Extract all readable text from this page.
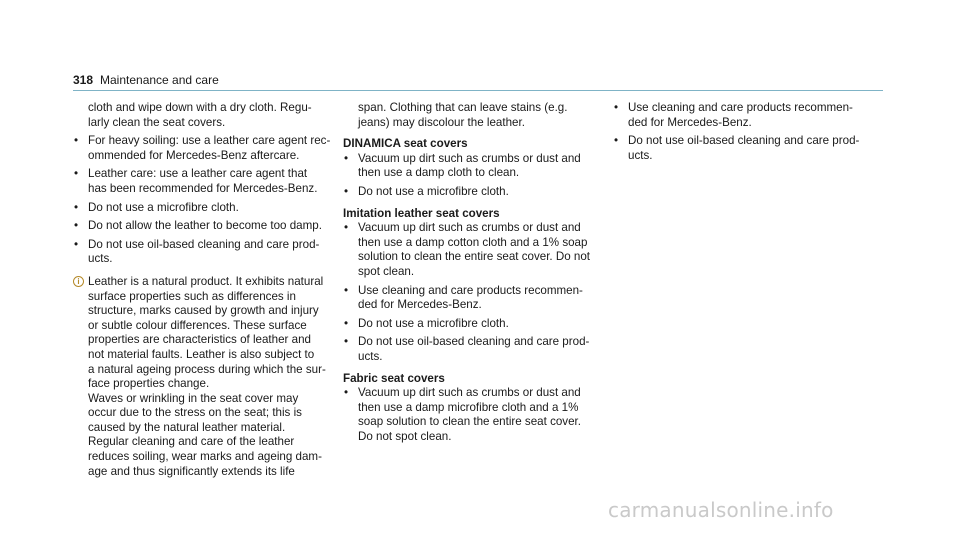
318 Maintenance and care

cloth and wipe down with a dry cloth. Regu-
larly clean the seat covers.

• For heavy soiling: use a leather care agent rec-
ommended for Mercedes-Benz aftercare.
• Leather care: use a leather care agent that
has been recommended for Mercedes-Benz.
• Do not use a microfibre cloth.
• Do not allow the leather to become too damp.
• Do not use oil-based cleaning and care prod-
ucts.
i Leather is a natural product. It exhibits natural
surface properties such as differences in
structure, marks caused by growth and injury
or subtle colour differences. These surface
properties are characteristics of leather and
not material faults. Leather is also subject to
a natural ageing process during which the sur-
face properties change.
Waves or wrinkling in the seat cover may
occur due to the stress on the seat; this is
caused by the natural leather material.
Regular cleaning and care of the leather
reduces soiling, wear marks and ageing dam-
age and thus significantly extends its life

span. Clothing that can leave stains (e.g.
jeans) may discolour the leather.

DINAMICA seat covers

• Vacuum up dirt such as crumbs or dust and
then use a damp cloth to clean.
• Do not use a microfibre cloth.

Imitation leather seat covers

• Vacuum up dirt such as crumbs or dust and
then use a damp cotton cloth and a 1% soap
solution to clean the entire seat cover. Do not
spot clean.
• Use cleaning and care products recommen-
ded for Mercedes-Benz.
• Do not use a microfibre cloth.
• Do not use oil-based cleaning and care prod-
ucts.

Fabric seat covers

• Vacuum up dirt such as crumbs or dust and
then use a damp microfibre cloth and a 1%
soap solution to clean the entire seat cover.
Do not spot clean.
• Use cleaning and care products recommen-
ded for Mercedes-Benz.
• Do not use oil-based cleaning and care prod-
ucts.
carmanualsonline.info
